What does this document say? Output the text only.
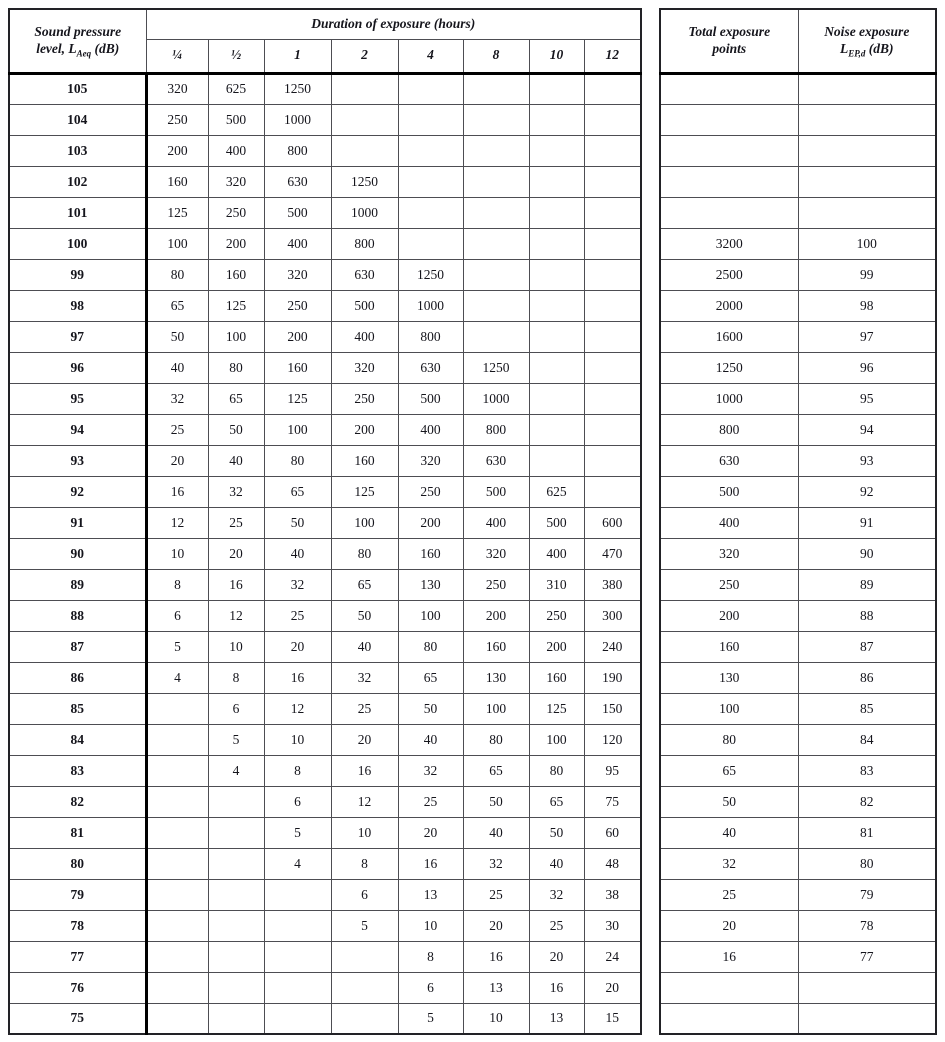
Sound pressure
level, $L_{Aeq}$ (dB)	Duration of exposure (hours)							
	¼	½	1	2	4	8	10	12
105	320	625	1250					
104	250	500	1000					
103	200	400	800					
102	160	320	630	1250				
101	125	250	500	1000				
100	100	200	400	800				
99	80	160	320	630	1250			
98	65	125	250	500	1000			
97	50	100	200	400	800			
96	40	80	160	320	630	1250		
95	32	65	125	250	500	1000		
94	25	50	100	200	400	800		
93	20	40	80	160	320	630		
92	16	32	65	125	250	500	625	
91	12	25	50	100	200	400	500	600
90	10	20	40	80	160	320	400	470
89	8	16	32	65	130	250	310	380
88	6	12	25	50	100	200	250	300
87	5	10	20	40	80	160	200	240
86	4	8	16	32	65	130	160	190
85		6	12	25	50	100	125	150
84		5	10	20	40	80	100	120
83		4	8	16	32	65	80	95
82			6	12	25	50	65	75
81			5	10	20	40	50	60
80			4	8	16	32	40	48
79				6	13	25	32	38
78				5	10	20	25	30
77					8	16	20	24
76					6	13	16	20
75					5	10	13	15
Total exposure
points	Noise exposure
$L_{EP,d}$ (dB)

3200	100
2500	99
2000	98
1600	97
1250	96
1000	95
800	94
630	93
500	92
400	91
320	90
250	89
200	88
160	87
130	86
100	85
80	84
65	83
50	82
40	81
32	80
25	79
20	78
16	77
